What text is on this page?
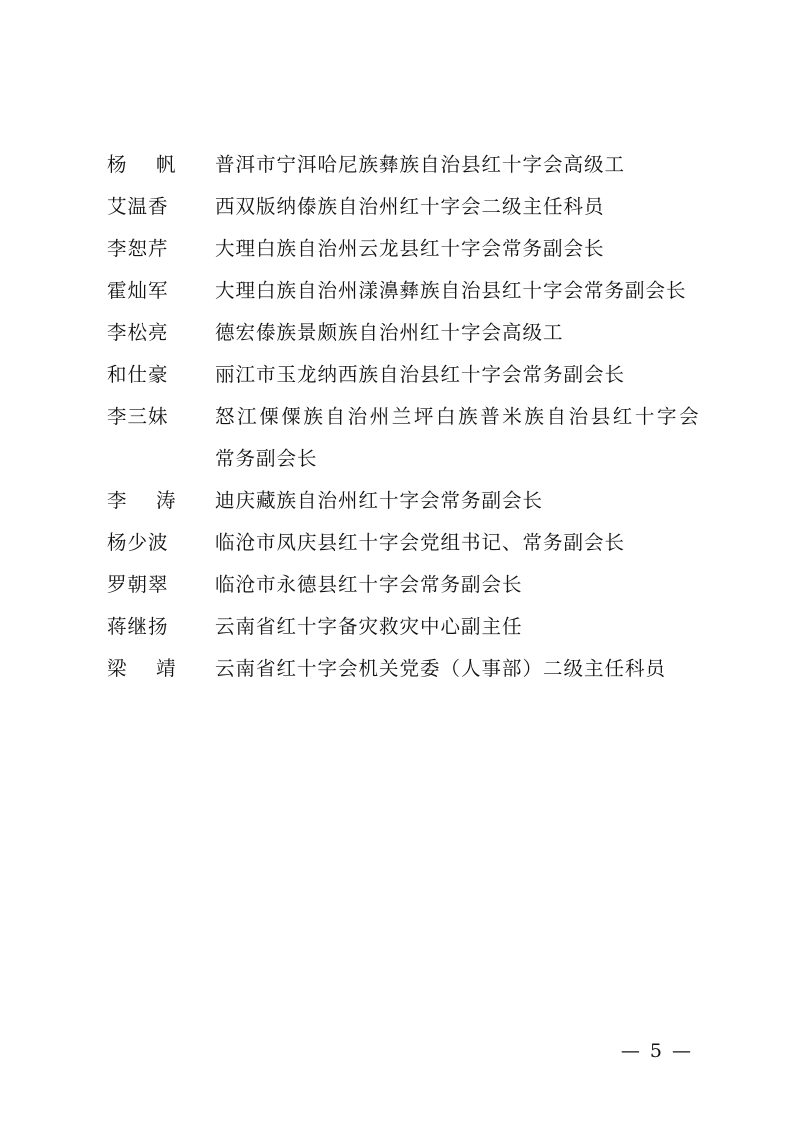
杨 帆	普洱市宁洱哈尼族彝族自治县红十字会高级工
艾温香	西双版纳傣族自治州红十字会二级主任科员
李恕芹	大理白族自治州云龙县红十字会常务副会长
霍灿军	大理白族自治州漾濞彝族自治县红十字会常务副会长
李松亮	德宏傣族景颇族自治州红十字会高级工
和仕豪	丽江市玉龙纳西族自治县红十字会常务副会长
李三妹	怒江傈僳族自治州兰坪白族普米族自治县红十字会
常务副会长
李 涛	迪庆藏族自治州红十字会常务副会长
杨少波	临沧市凤庆县红十字会党组书记、常务副会长
罗朝翠	临沧市永德县红十字会常务副会长
蒋继扬	云南省红十字备灾救灾中心副主任
梁 靖	云南省红十字会机关党委（人事部）二级主任科员
— 5 —
